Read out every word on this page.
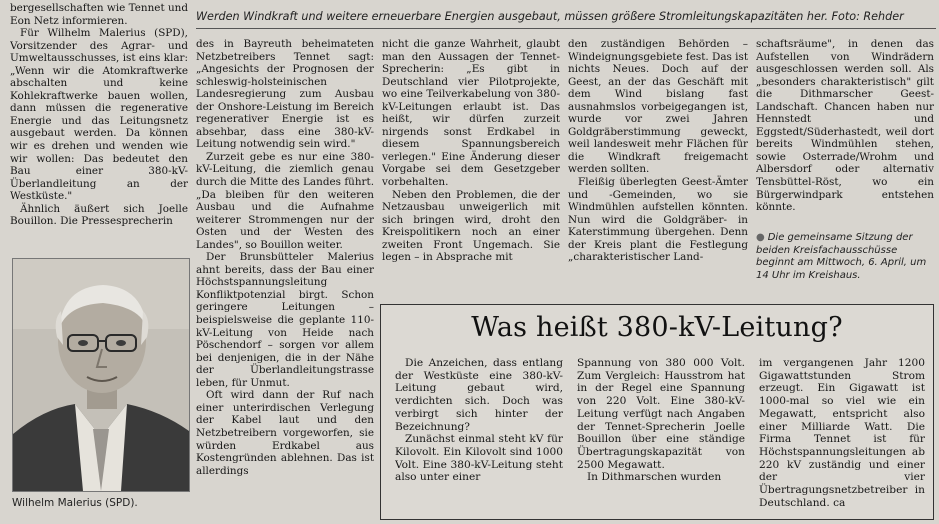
Werden Windkraft und weitere erneuerbare Energien ausgebaut, müssen größere Stromleitungskapazitäten her. Foto: Rehder

bergesellschaften wie Tennet und Eon Netz informieren.

Für Wilhelm Malerius (SPD), Vorsitzender des Agrar- und Umweltausschusses, ist eins klar: „Wenn wir die Atomkraftwerke abschalten und keine Kohlekraftwerke bauen wollen, dann müssen die regenerative Energie und das Leitungsnetz ausgebaut werden. Da können wir es drehen und wenden wie wir wollen: Das bedeutet den Bau einer 380-kV-Überlandleitung an der Westküste."

Ähnlich äußert sich Joelle Bouillon. Die Pressesprecherin

Wilhelm Malerius (SPD).

des in Bayreuth beheimateten Netzbetreibers Tennet sagt: „Angesichts der Prognosen der schleswig-holsteinischen Landesregierung zum Ausbau der Onshore-Leistung im Bereich regenerativer Energie ist es absehbar, dass eine 380-kV-Leitung notwendig sein wird."

Zurzeit gebe es nur eine 380-kV-Leitung, die ziemlich genau durch die Mitte des Landes führt. „Da bleiben für den weiteren Ausbau und die Aufnahme weiterer Strommengen nur der Osten und der Westen des Landes", so Bouillon weiter.

Der Brunsbütteler Malerius ahnt bereits, dass der Bau einer Höchstspannungsleitung Konfliktpotenzial birgt. Schon geringere Leitungen – beispielsweise die geplante 110-kV-Leitung von Heide nach Pöschendorf – sorgen vor allem bei denjenigen, die in der Nähe der Überlandleitungstrasse leben, für Unmut.

Oft wird dann der Ruf nach einer unterirdischen Verlegung der Kabel laut und den Netzbetreibern vorgeworfen, sie würden Erdkabel aus Kostengründen ablehnen. Das ist allerdings

nicht die ganze Wahrheit, glaubt man den Aussagen der Tennet-Sprecherin: „Es gibt in Deutschland vier Pilotprojekte, wo eine Teilverkabelung von 380-kV-Leitungen erlaubt ist. Das heißt, wir dürfen zurzeit nirgends sonst Erdkabel in diesem Spannungsbereich verlegen." Eine Änderung dieser Vorgabe sei dem Gesetzgeber vorbehalten.

Neben den Problemen, die der Netzausbau unweigerlich mit sich bringen wird, droht den Kreispolitikern noch an einer zweiten Front Ungemach. Sie legen – in Absprache mit

den zuständigen Behörden – Windeignungsgebiete fest. Das ist nichts Neues. Doch auf der Geest, an der das Geschäft mit dem Wind bislang fast ausnahmslos vorbeigegangen ist, wurde vor zwei Jahren Goldgräberstimmung geweckt, weil landesweit mehr Flächen für die Windkraft freigemacht werden sollten.

Fleißig überlegten Geest-Ämter und -Gemeinden, wo sie Windmühlen aufstellen könnten. Nun wird die Goldgräber- in Katerstimmung übergehen. Denn der Kreis plant die Festlegung „charakteristischer Land-

schaftsräume", in denen das Aufstellen von Windrädern ausgeschlossen werden soll. Als „besonders charakteristisch" gilt die Dithmarscher Geest-Landschaft. Chancen haben nur Hennstedt und Eggstedt/Süderhastedt, weil dort bereits Windmühlen stehen, sowie Osterrade/Wrohm und Albersdorf oder alternativ Tensbüttel-Röst, wo ein Bürgerwindpark entstehen könnte.

● Die gemeinsame Sitzung der beiden Kreisfachausschüsse beginnt am Mittwoch, 6. April, um 14 Uhr im Kreishaus.
Was heißt 380-kV-Leitung?

Die Anzeichen, dass entlang der Westküste eine 380-kV-Leitung gebaut wird, verdichten sich. Doch was verbirgt sich hinter der Bezeichnung?

Zunächst einmal steht kV für Kilovolt. Ein Kilovolt sind 1000 Volt. Eine 380-kV-Leitung steht also unter einer

Spannung von 380 000 Volt. Zum Vergleich: Hausstrom hat in der Regel eine Spannung von 220 Volt. Eine 380-kV-Leitung verfügt nach Angaben der Tennet-Sprecherin Joelle Bouillon über eine ständige Übertragungskapazität von 2500 Megawatt.

In Dithmarschen wurden

im vergangenen Jahr 1200 Gigawattstunden Strom erzeugt. Ein Gigawatt ist 1000-mal so viel wie ein Megawatt, entspricht also einer Milliarde Watt. Die Firma Tennet ist für Höchstspannungsleitungen ab 220 kV zuständig und einer der vier Übertragungsnetzbetreiber in Deutschland. ca
